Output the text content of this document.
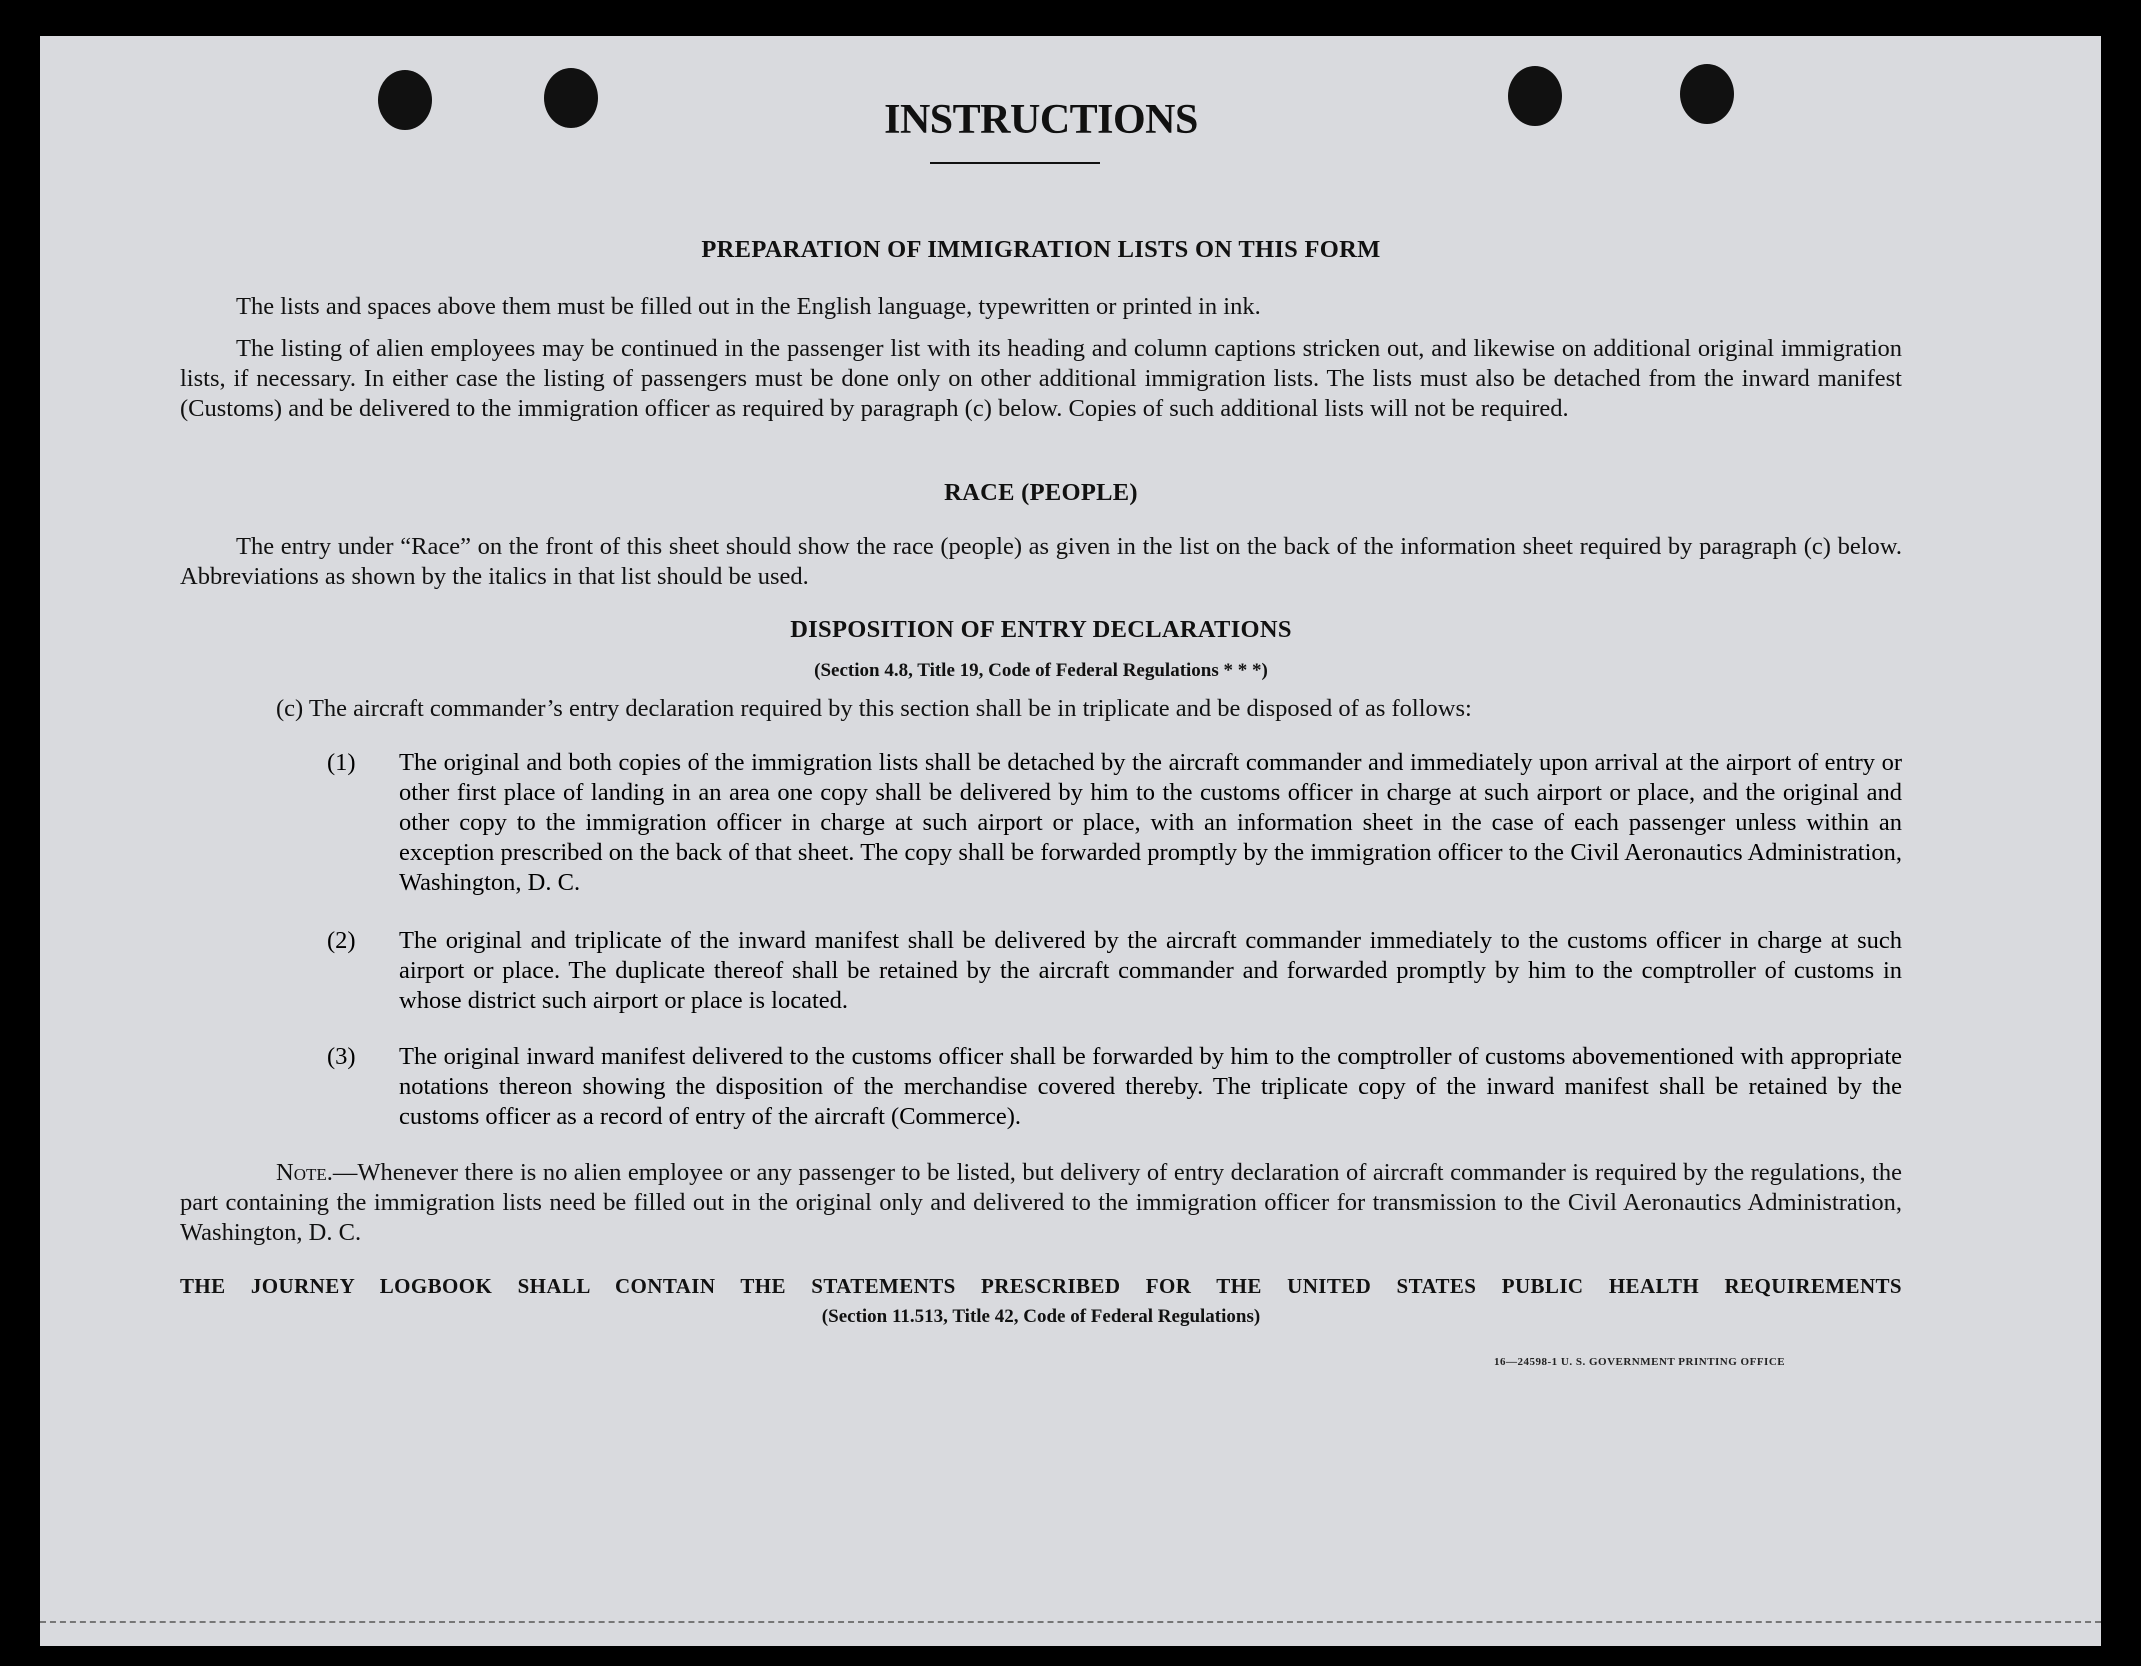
INSTRUCTIONS
PREPARATION OF IMMIGRATION LISTS ON THIS FORM
The lists and spaces above them must be filled out in the English language, typewritten or printed in ink.
The listing of alien employees may be continued in the passenger list with its heading and column captions stricken out, and likewise on additional original immigration lists, if necessary. In either case the listing of passengers must be done only on other additional immigration lists. The lists must also be detached from the inward manifest (Customs) and be delivered to the immigration officer as required by paragraph (c) below. Copies of such additional lists will not be required.
RACE (PEOPLE)
The entry under “Race” on the front of this sheet should show the race (people) as given in the list on the back of the information sheet required by paragraph (c) below. Abbreviations as shown by the italics in that list should be used.
DISPOSITION OF ENTRY DECLARATIONS
(Section 4.8, Title 19, Code of Federal Regulations * * *)
(c) The aircraft commander’s entry declaration required by this section shall be in triplicate and be disposed of as follows:
(1) The original and both copies of the immigration lists shall be detached by the aircraft commander and immediately upon arrival at the airport of entry or other first place of landing in an area one copy shall be delivered by him to the customs officer in charge at such airport or place, and the original and other copy to the immigration officer in charge at such airport or place, with an information sheet in the case of each passenger unless within an exception prescribed on the back of that sheet. The copy shall be forwarded promptly by the immigration officer to the Civil Aeronautics Administration, Washington, D. C.
(2) The original and triplicate of the inward manifest shall be delivered by the aircraft commander immediately to the customs officer in charge at such airport or place. The duplicate thereof shall be retained by the aircraft commander and forwarded promptly by him to the comptroller of customs in whose district such airport or place is located.
(3) The original inward manifest delivered to the customs officer shall be forwarded by him to the comptroller of customs abovementioned with appropriate notations thereon showing the disposition of the merchandise covered thereby. The triplicate copy of the inward manifest shall be retained by the customs officer as a record of entry of the aircraft (Commerce).
Note.—Whenever there is no alien employee or any passenger to be listed, but delivery of entry declaration of aircraft commander is required by the regulations, the part containing the immigration lists need be filled out in the original only and delivered to the immigration officer for transmission to the Civil Aeronautics Administration, Washington, D. C.
THE JOURNEY LOGBOOK SHALL CONTAIN THE STATEMENTS PRESCRIBED FOR THE UNITED STATES PUBLIC HEALTH REQUIREMENTS
(Section 11.513, Title 42, Code of Federal Regulations)
16—24598-1 U. S. GOVERNMENT PRINTING OFFICE
